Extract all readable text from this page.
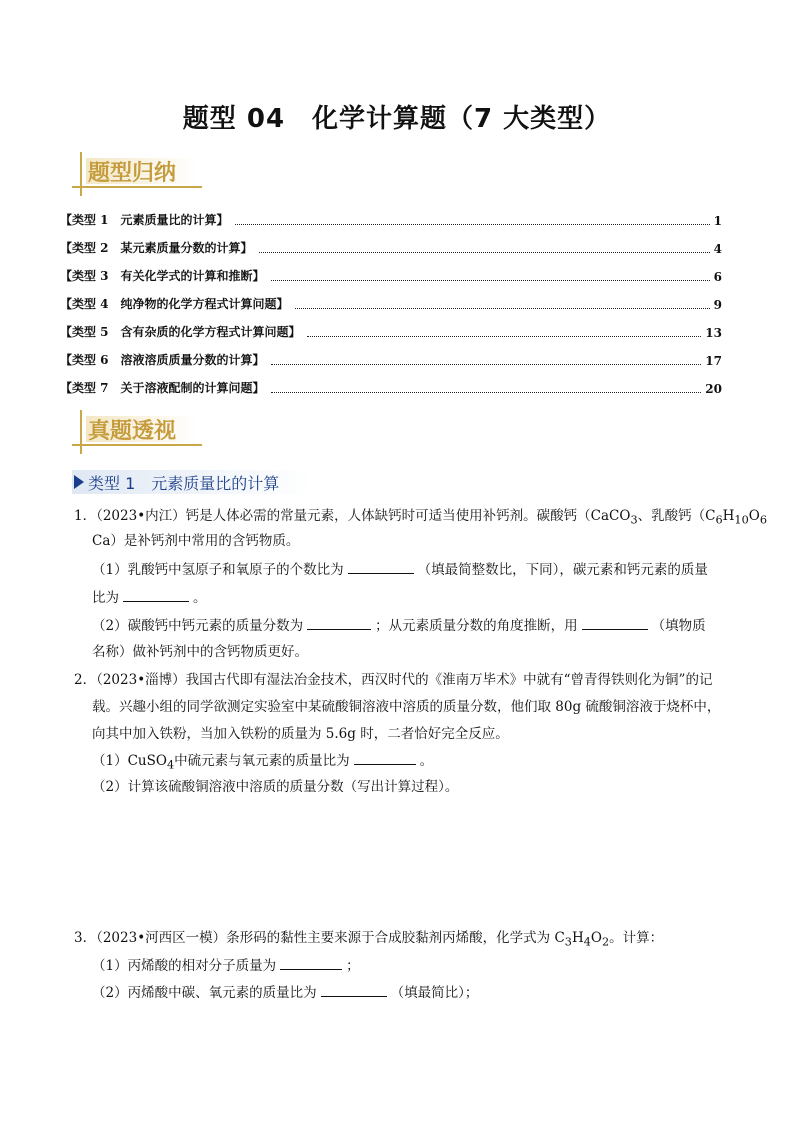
题型 04　化学计算题（7 大类型）
题型归纳
【类型 1　元素质量比的计算】	1
【类型 2　某元素质量分数的计算】	4
【类型 3　有关化学式的计算和推断】	6
【类型 4　纯净物的化学方程式计算问题】	9
【类型 5　含有杂质的化学方程式计算问题】	13
【类型 6　溶液溶质质量分数的计算】	17
【类型 7　关于溶液配制的计算问题】	20
真题透视
类型 1　元素质量比的计算
1．（2023•内江）钙是人体必需的常量元素，人体缺钙时可适当使用补钙剂。碳酸钙（CaCO$_3$、乳酸钙（$C_6H_{10}O_6$
Ca）是补钙剂中常用的含钙物质。
（1）乳酸钙中氢原子和氧原子的个数比为	（填最简整数比，下同），碳元素和钙元素的质量
比为	。
（2）碳酸钙中钙元素的质量分数为	；从元素质量分数的角度推断，用	（填物质
名称）做补钙剂中的含钙物质更好。
2．（2023•淄博）我国古代即有湿法冶金技术，西汉时代的《淮南万毕术》中就有“曾青得铁则化为铜”的记
载。兴趣小组的同学欲测定实验室中某硫酸铜溶液中溶质的质量分数，他们取 80g 硫酸铜溶液于烧杯中，
向其中加入铁粉，当加入铁粉的质量为 5.6g 时，二者恰好完全反应。
（1）CuSO$_4$中硫元素与氧元素的质量比为	。
（2）计算该硫酸铜溶液中溶质的质量分数（写出计算过程）。
3．（2023•河西区一模）条形码的黏性主要来源于合成胶黏剂丙烯酸，化学式为 $C_3H_4O_2$。计算：
（1）丙烯酸的相对分子质量为	；
（2）丙烯酸中碳、氧元素的质量比为	（填最简比）；
